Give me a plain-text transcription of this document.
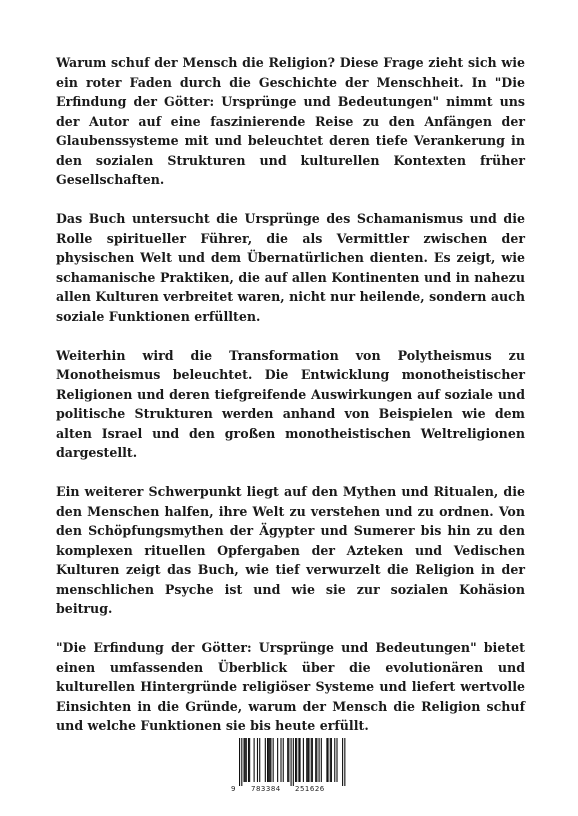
Warum schuf der Mensch die Religion? Diese Frage zieht sich wie ein roter Faden durch die Geschichte der Menschheit. In "Die Erfindung der Götter: Ursprünge und Bedeutungen" nimmt uns der Autor auf eine faszinierende Reise zu den Anfängen der Glaubenssysteme mit und beleuchtet deren tiefe Verankerung in den sozialen Strukturen und kulturellen Kontexten früher Gesellschaften.

Das Buch untersucht die Ursprünge des Schamanismus und die Rolle spiritueller Führer, die als Vermittler zwischen der physischen Welt und dem Übernatürlichen dienten. Es zeigt, wie schamanische Praktiken, die auf allen Kontinenten und in nahezu allen Kulturen verbreitet waren, nicht nur heilende, sondern auch soziale Funktionen erfüllten.

Weiterhin wird die Transformation von Polytheismus zu Monotheismus beleuchtet. Die Entwicklung monotheistischer Religionen und deren tiefgreifende Auswirkungen auf soziale und politische Strukturen werden anhand von Beispielen wie dem alten Israel und den großen monotheistischen Weltreligionen dargestellt.

Ein weiterer Schwerpunkt liegt auf den Mythen und Ritualen, die den Menschen halfen, ihre Welt zu verstehen und zu ordnen. Von den Schöpfungsmythen der Ägypter und Sumerer bis hin zu den komplexen rituellen Opfergaben der Azteken und Vedischen Kulturen zeigt das Buch, wie tief verwurzelt die Religion in der menschlichen Psyche ist und wie sie zur sozialen Kohäsion beitrug.

"Die Erfindung der Götter: Ursprünge und Bedeutungen" bietet einen umfassenden Überblick über die evolutionären und kulturellen Hintergründe religiöser Systeme und liefert wertvolle Einsichten in die Gründe, warum der Mensch die Religion schuf und welche Funktionen sie bis heute erfüllt.

9 783384 251626
